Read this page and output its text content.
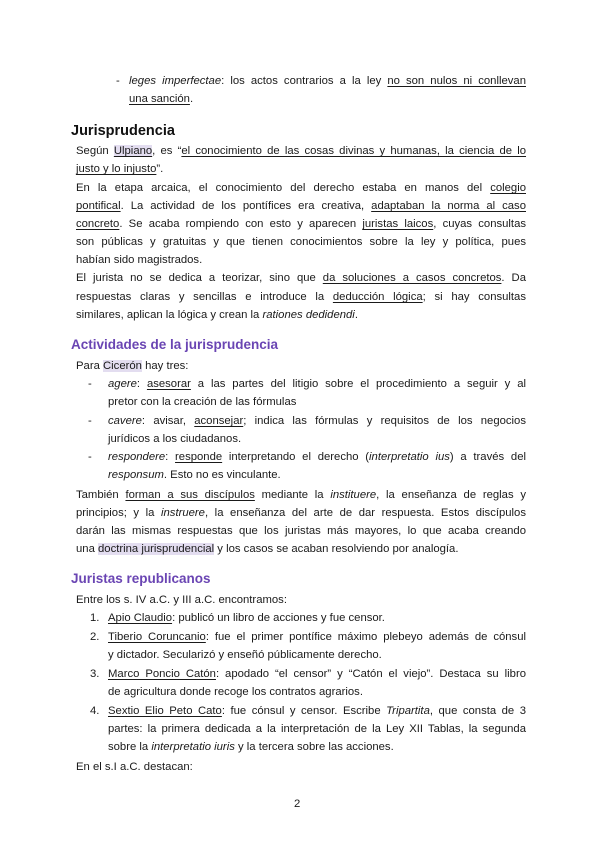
- leges imperfectae: los actos contrarios a la ley no son nulos ni conllevan
una sanción.
Jurisprudencia
Según Ulpiano, es “el conocimiento de las cosas divinas y humanas, la ciencia de lo
justo y lo injusto”.
En la etapa arcaica, el conocimiento del derecho estaba en manos del colegio
pontifical. La actividad de los pontífices era creativa, adaptaban la norma al caso
concreto. Se acaba rompiendo con esto y aparecen juristas laicos, cuyas consultas
son públicas y gratuitas y que tienen conocimientos sobre la ley y política, pues
habían sido magistrados.
El jurista no se dedica a teorizar, sino que da soluciones a casos concretos. Da
respuestas claras y sencillas e introduce la deducción lógica; si hay consultas
similares, aplican la lógica y crean la rationes dedidendi.
Actividades de la jurisprudencia
Para Cicerón hay tres:
- agere: asesorar a las partes del litigio sobre el procedimiento a seguir y al
pretor con la creación de las fórmulas
- cavere: avisar, aconsejar; indica las fórmulas y requisitos de los negocios
jurídicos a los ciudadanos.
- respondere: responde interpretando el derecho (interpretatio ius) a través del
responsum. Esto no es vinculante.
También forman a sus discípulos mediante la instituere, la enseñanza de reglas y
principios; y la instruere, la enseñanza del arte de dar respuesta. Estos discípulos
darán las mismas respuestas que los juristas más mayores, lo que acaba creando
una doctrina jurisprudencial y los casos se acaban resolviendo por analogía.
Juristas republicanos
Entre los s. IV a.C. y III a.C. encontramos:
1. Apio Claudio: publicó un libro de acciones y fue censor.
2. Tiberio Coruncanio: fue el primer pontífice máximo plebeyo además de cónsul
y dictador. Secularizó y enseñó públicamente derecho.
3. Marco Poncio Catón: apodado “el censor” y “Catón el viejo”. Destaca su libro
de agricultura donde recoge los contratos agrarios.
4. Sextio Elio Peto Cato: fue cónsul y censor. Escribe Tripartita, que consta de 3
partes: la primera dedicada a la interpretación de la Ley XII Tablas, la segunda
sobre la interpretatio iuris y la tercera sobre las acciones.
En el s.I a.C. destacan:
2
